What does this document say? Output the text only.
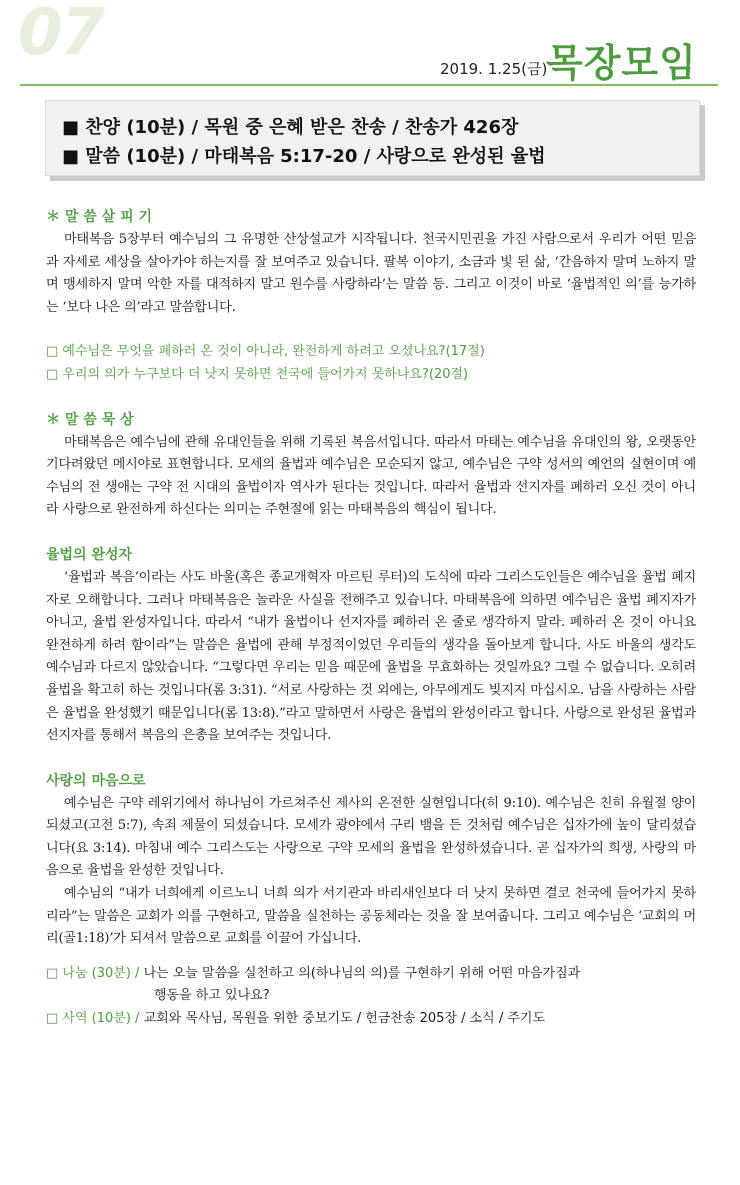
07	2019. 1.25(금)
목장모임
■ 찬양 (10분) / 목원 중 은혜 받은 찬송 / 찬송가 426장
■ 말씀 (10분) / 마태복음 5:17-20 / 사랑으로 완성된 율법
＊ 말 씀 살 피 기

마태복음 5장부터 예수님의 그 유명한 산상설교가 시작됩니다. 천국시민권을 가진 사람으로서 우리가 어떤 믿음과 자세로 세상을 살아가야 하는지를 잘 보여주고 있습니다. 팔복 이야기, 소금과 빛 된 삶, ‘간음하지 말며 노하지 말며 맹세하지 말며 악한 자를 대적하지 말고 원수를 사랑하라’는 말씀 등. 그리고 이것이 바로 ‘율법적인 의’를 능가하는 ‘보다 나은 의’라고 말씀합니다.

□ 예수님은 무엇을 폐하러 온 것이 아니라, 완전하게 하려고 오셨나요?(17절)
□ 우리의 의가 누구보다 더 낫지 못하면 천국에 들어가지 못하나요?(20절)
＊ 말 씀 묵 상

마태복음은 예수님에 관해 유대인들을 위해 기록된 복음서입니다. 따라서 마태는 예수님을 유대인의 왕, 오랫동안 기다려왔던 메시야로 표현합니다. 모세의 율법과 예수님은 모순되지 않고, 예수님은 구약 성서의 예언의 실현이며 예수님의 전 생애는 구약 전 시대의 율법이자 역사가 된다는 것입니다. 따라서 율법과 선지자를 폐하러 오신 것이 아니라 사랑으로 완전하게 하신다는 의미는 주현절에 읽는 마태복음의 핵심이 됩니다.

율법의 완성자

‘율법과 복음’이라는 사도 바울(혹은 종교개혁자 마르틴 루터)의 도식에 따라 그리스도인들은 예수님을 율법 폐지자로 오해합니다. 그러나 마태복음은 놀라운 사실을 전해주고 있습니다. 마태복음에 의하면 예수님은 율법 폐지자가 아니고, 율법 완성자입니다. 따라서 “내가 율법이나 선지자를 폐하러 온 줄로 생각하지 말라. 폐하러 온 것이 아니요 완전하게 하려 함이라”는 말씀은 율법에 관해 부정적이었던 우리들의 생각을 돌아보게 합니다. 사도 바울의 생각도 예수님과 다르지 않았습니다. “그렇다면 우리는 믿음 때문에 율법을 무효화하는 것일까요? 그럴 수 없습니다. 오히려 율법을 확고히 하는 것입니다(롬 3:31). “서로 사랑하는 것 외에는, 아무에게도 빚지지 마십시오. 남을 사랑하는 사람은 율법을 완성했기 때문입니다(롬 13:8).”라고 말하면서 사랑은 율법의 완성이라고 합니다. 사랑으로 완성된 율법과 선지자를 통해서 복음의 은총을 보여주는 것입니다.

사랑의 마음으로

예수님은 구약 레위기에서 하나님이 가르쳐주신 제사의 온전한 실현입니다(히 9:10). 예수님은 친히 유월절 양이 되셨고(고전 5:7), 속죄 제물이 되셨습니다. 모세가 광야에서 구리 뱀을 든 것처럼 예수님은 십자가에 높이 달리셨습니다(요 3:14). 마침내 예수 그리스도는 사랑으로 구약 모세의 율법을 완성하셨습니다. 곧 십자가의 희생, 사랑의 마음으로 율법을 완성한 것입니다.

예수님의 “내가 너희에게 이르노니 너희 의가 서기관과 바리새인보다 더 낫지 못하면 결코 천국에 들어가지 못하리라”는 말씀은 교회가 의를 구현하고, 말씀을 실천하는 공동체라는 것을 잘 보여줍니다. 그리고 예수님은 ‘교회의 머리(골1:18)’가 되셔서 말씀으로 교회를 이끌어 가십니다.

□ 나눔 (30분) / 나는 오늘 말씀을 실천하고 의(하나님의 의)를 구현하기 위해 어떤 마음가짐과
행동을 하고 있나요?
□ 사역 (10분) / 교회와 목사님, 목원을 위한 중보기도 / 헌금찬송 205장 / 소식 / 주기도
